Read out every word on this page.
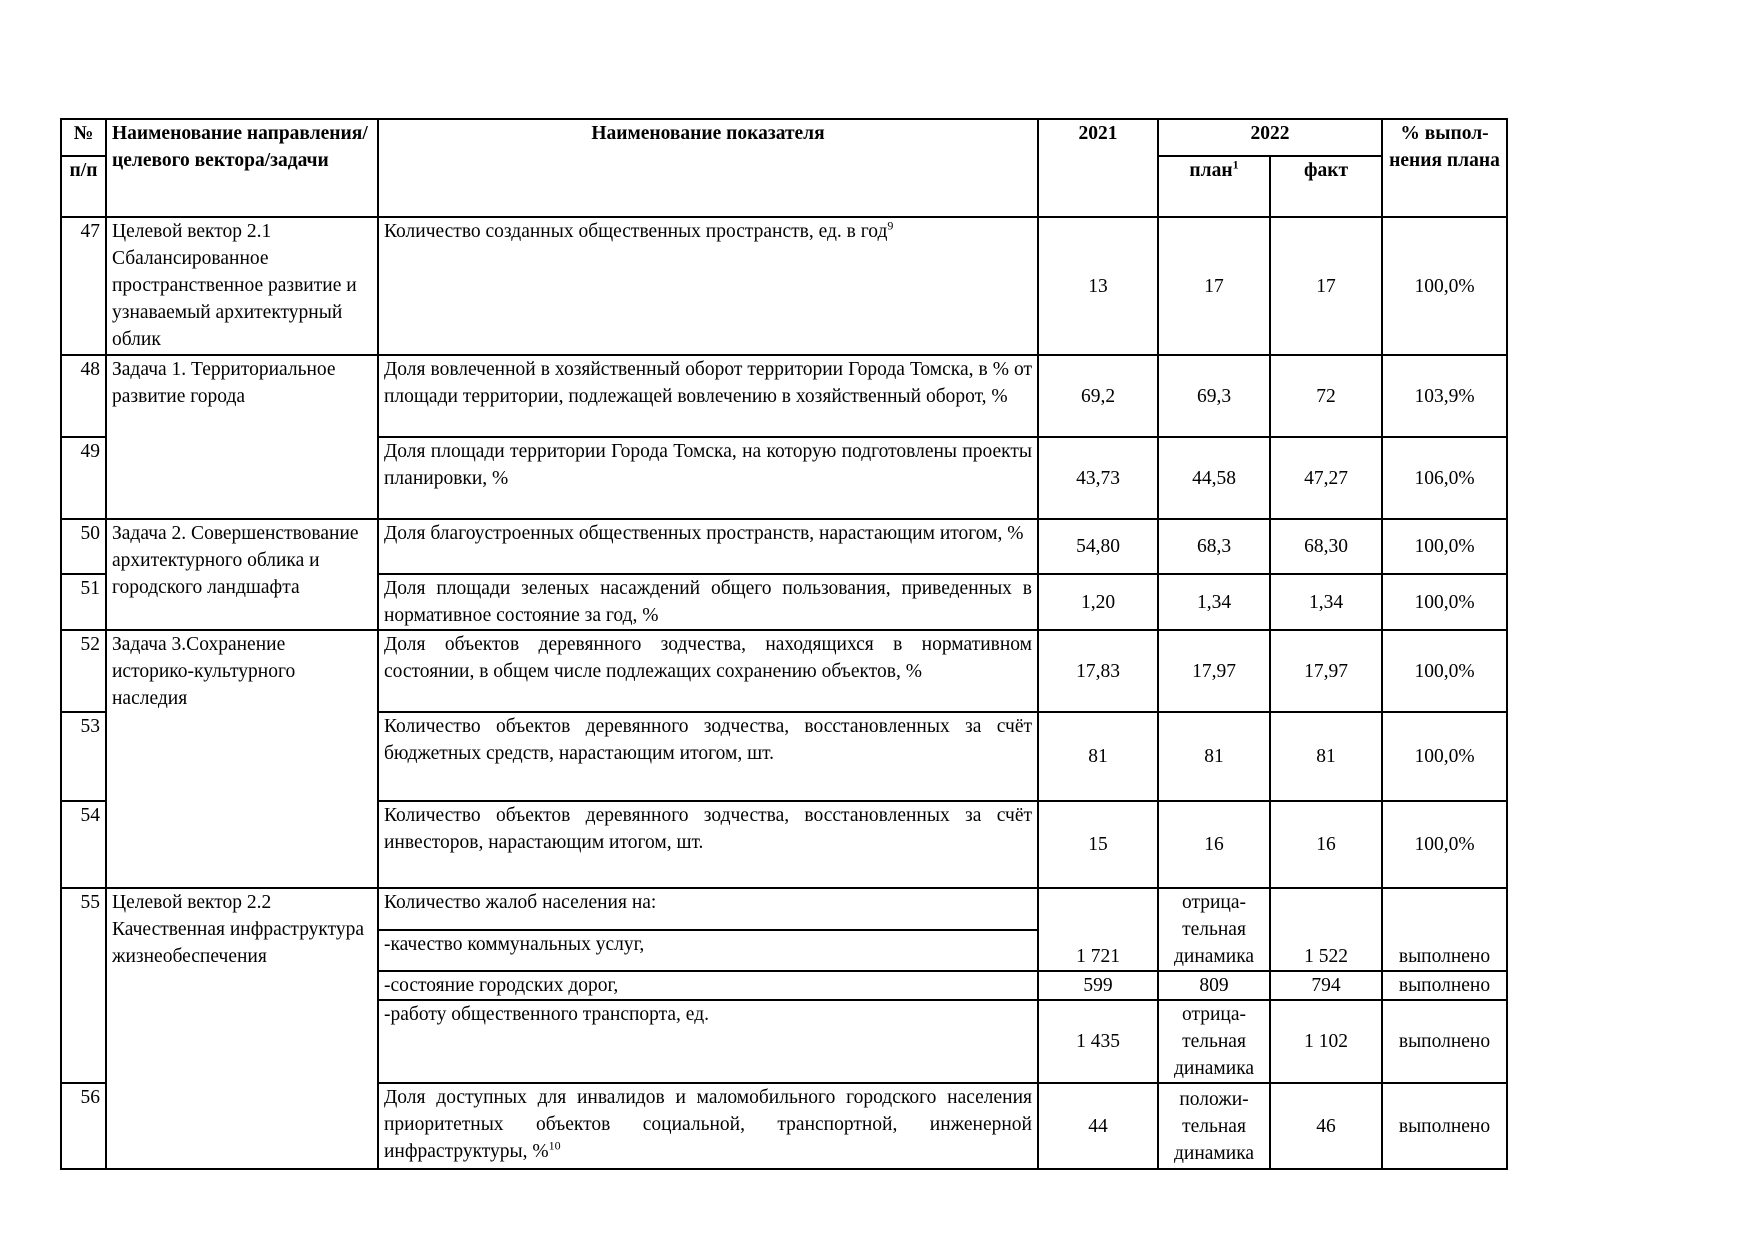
№	Наименование направления/целевого вектора/задачи	Наименование показателя	2021	2022		% выпол- нения плана
п/п				план$^1$	факт	
47	Целевой вектор 2.1 Сбалансированное пространственное развитие и узнаваемый архитектурный облик	Количество созданных общественных пространств, ед. в год$^9$	13	17	17	100,0%
48	Задача 1. Территориальное развитие города	Доля вовлеченной в хозяйственный оборот территории Города Томска, в % от площади территории, подлежащей вовлечению в хозяйственный оборот, %	69,2	69,3	72	103,9%
49		Доля площади территории Города Томска, на которую подготовлены проекты планировки, %	43,73	44,58	47,27	106,0%
50	Задача 2. Совершенствование архитектурного облика и городского ландшафта	Доля благоустроенных общественных пространств, нарастающим итогом, %	54,80	68,3	68,30	100,0%
51		Доля площади зеленых насаждений общего пользования, приведенных в нормативное состояние за год, %	1,20	1,34	1,34	100,0%
52	Задача 3.Сохранение историко-культурного наследия	Доля объектов деревянного зодчества, находящихся в нормативном состоянии, в общем числе подлежащих сохранению объектов, %	17,83	17,97	17,97	100,0%
53		Количество объектов деревянного зодчества, восстановленных за счёт бюджетных средств, нарастающим итогом, шт.	81	81	81	100,0%
54		Количество объектов деревянного зодчества, восстановленных за счёт инвесторов, нарастающим итогом, шт.	15	16	16	100,0%
55	Целевой вектор 2.2 Качественная инфраструктура жизнеобеспечения	Количество жалоб населения на:	1 721	отрица- тельная динамика	1 522	выполнено
		-качество коммунальных услуг,				
		-состояние городских дорог,	599	809	794	выполнено
		-работу общественного транспорта, ед.	1 435	отрица- тельная динамика	1 102	выполнено
56		Доля доступных для инвалидов и маломобильного городского населения приоритетных объектов социальной, транспортной, инженерной инфраструктуры, %$^{10}$	44	положи- тельная динамика	46	выполнено
